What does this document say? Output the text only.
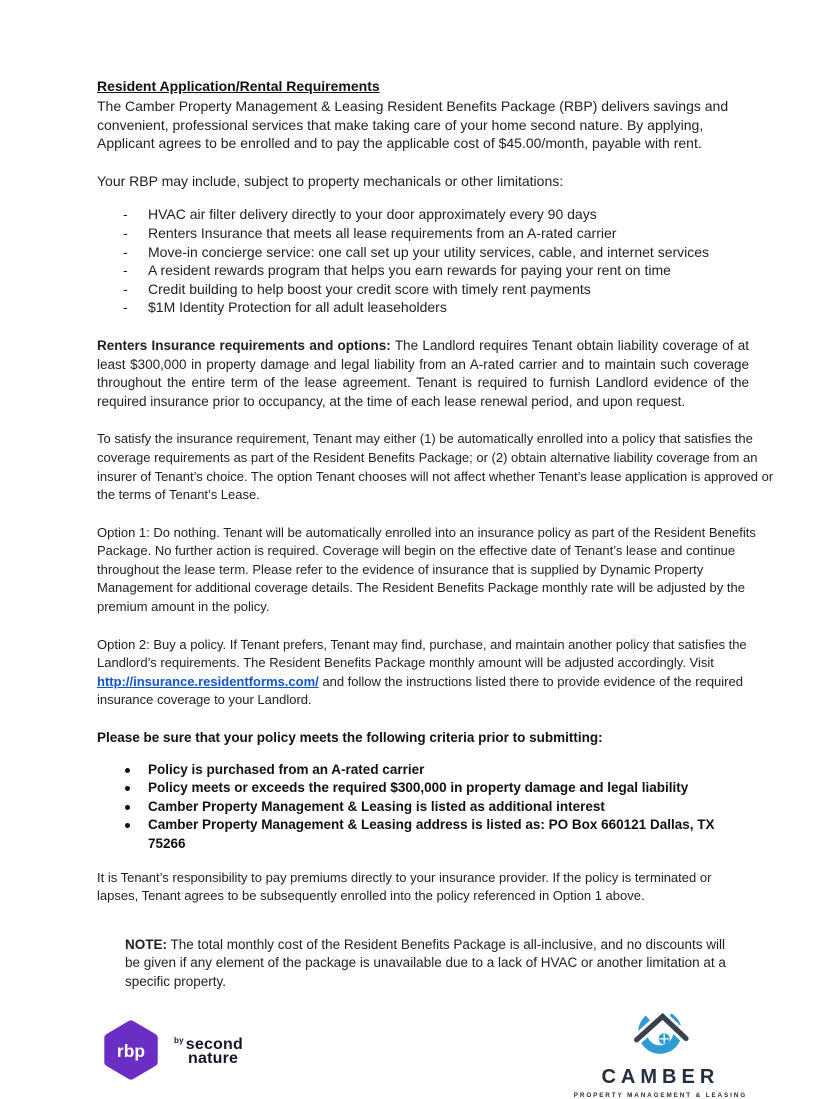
Resident Application/Rental Requirements

The Camber Property Management & Leasing Resident Benefits Package (RBP) delivers savings and convenient, professional services that make taking care of your home second nature. By applying, Applicant agrees to be enrolled and to pay the applicable cost of $45.00/month, payable with rent.

Your RBP may include, subject to property mechanicals or other limitations:

- HVAC air filter delivery directly to your door approximately every 90 days
- Renters Insurance that meets all lease requirements from an A-rated carrier
- Move-in concierge service: one call set up your utility services, cable, and internet services
- A resident rewards program that helps you earn rewards for paying your rent on time
- Credit building to help boost your credit score with timely rent payments
- $1M Identity Protection for all adult leaseholders

Renters Insurance requirements and options: The Landlord requires Tenant obtain liability coverage of at least $300,000 in property damage and legal liability from an A-rated carrier and to maintain such coverage throughout the entire term of the lease agreement. Tenant is required to furnish Landlord evidence of the required insurance prior to occupancy, at the time of each lease renewal period, and upon request.

To satisfy the insurance requirement, Tenant may either (1) be automatically enrolled into a policy that satisfies the coverage requirements as part of the Resident Benefits Package; or (2) obtain alternative liability coverage from an insurer of Tenant’s choice. The option Tenant chooses will not affect whether Tenant’s lease application is approved or the terms of Tenant’s Lease.

Option 1: Do nothing. Tenant will be automatically enrolled into an insurance policy as part of the Resident Benefits Package. No further action is required. Coverage will begin on the effective date of Tenant’s lease and continue throughout the lease term. Please refer to the evidence of insurance that is supplied by Dynamic Property Management for additional coverage details. The Resident Benefits Package monthly rate will be adjusted by the premium amount in the policy.

Option 2: Buy a policy. If Tenant prefers, Tenant may find, purchase, and maintain another policy that satisfies the Landlord’s requirements. The Resident Benefits Package monthly amount will be adjusted accordingly. Visit http://insurance.residentforms.com/ and follow the instructions listed there to provide evidence of the required insurance coverage to your Landlord.

Please be sure that your policy meets the following criteria prior to submitting:

Policy is purchased from an A-rated carrier
Policy meets or exceeds the required $300,000 in property damage and legal liability
Camber Property Management & Leasing is listed as additional interest
Camber Property Management & Leasing address is listed as: PO Box 660121 Dallas, TX 75266

It is Tenant’s responsibility to pay premiums directly to your insurance provider. If the policy is terminated or lapses, Tenant agrees to be subsequently enrolled into the policy referenced in Option 1 above.

NOTE: The total monthly cost of the Resident Benefits Package is all-inclusive, and no discounts will be given if any element of the package is unavailable due to a lack of HVAC or another limitation at a specific property.

rbp
$^{by}$ second
nature
CAMBER
PROPERTY MANAGEMENT & LEASING
